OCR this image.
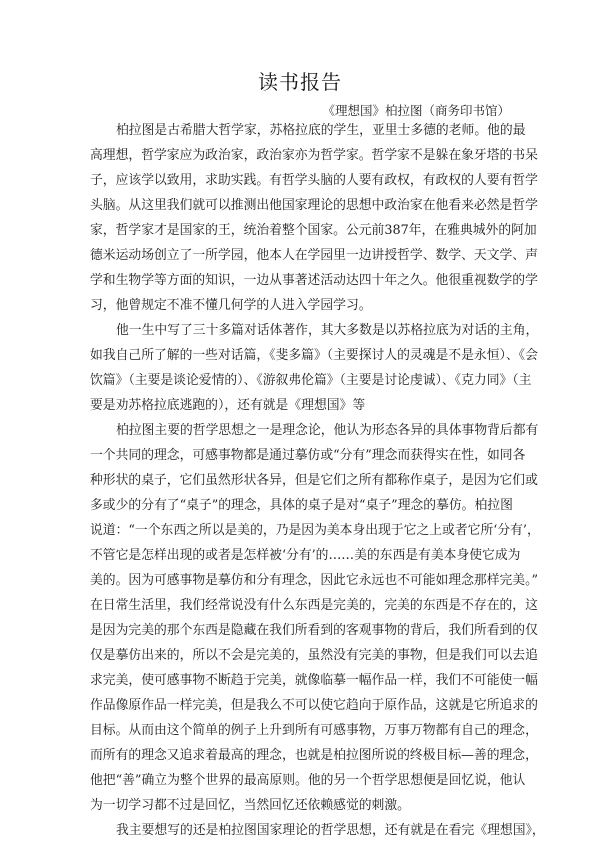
读书报告
《理想国》柏拉图（商务印书馆）
柏拉图是古希腊大哲学家，苏格拉底的学生，亚里士多德的老师。他的最
高理想，哲学家应为政治家，政治家亦为哲学家。哲学家不是躲在象牙塔的书呆
子，应该学以致用，求助实践。有哲学头脑的人要有政权，有政权的人要有哲学
头脑。从这里我们就可以推测出他国家理论的思想中政治家在他看来必然是哲学
家，哲学家才是国家的王，统治着整个国家。公元前387年，在雅典城外的阿加
德米运动场创立了一所学园，他本人在学园里一边讲授哲学、数学、天文学、声
学和生物学等方面的知识，一边从事著述活动达四十年之久。他很重视数学的学
习，他曾规定不准不懂几何学的人进入学园学习。
他一生中写了三十多篇对话体著作，其大多数是以苏格拉底为对话的主角，
如我自己所了解的一些对话篇，《斐多篇》（主要探讨人的灵魂是不是永恒）、《会
饮篇》（主要是谈论爱情的）、《游叙弗伦篇》（主要是讨论虔诚）、《克力同》（主
要是劝苏格拉底逃跑的），还有就是《理想国》等
柏拉图主要的哲学思想之一是理念论，他认为形态各异的具体事物背后都有
一个共同的理念，可感事物都是通过摹仿或“分有”理念而获得实在性，如同各
种形状的桌子，它们虽然形状各异，但是它们之所有都称作桌子，是因为它们或
多或少的分有了“桌子”的理念，具体的桌子是对“桌子”理念的摹仿。柏拉图
说道：“一个东西之所以是美的，乃是因为美本身出现于它之上或者它所‘分有’，
不管它是怎样出现的或者是怎样被‘分有’的……美的东西是有美本身使它成为
美的。因为可感事物是摹仿和分有理念，因此它永远也不可能如理念那样完美。”
在日常生活里，我们经常说没有什么东西是完美的，完美的东西是不存在的，这
是因为完美的那个东西是隐藏在我们所看到的客观事物的背后，我们所看到的仅
仅是摹仿出来的，所以不会是完美的，虽然没有完美的事物，但是我们可以去追
求完美，使可感事物不断趋于完美，就像临摹一幅作品一样，我们不可能使一幅
作品像原作品一样完美，但是我么不可以使它趋向于原作品，这就是它所追求的
目标。从而由这个简单的例子上升到所有可感事物，万事万物都有自己的理念，
而所有的理念又追求着最高的理念，也就是柏拉图所说的终极目标—善的理念，
他把“善”确立为整个世界的最高原则。他的另一个哲学思想便是回忆说，他认
为一切学习都不过是回忆，当然回忆还依赖感觉的刺激。
我主要想写的还是柏拉图国家理论的哲学思想，还有就是在看完《理想国》，
